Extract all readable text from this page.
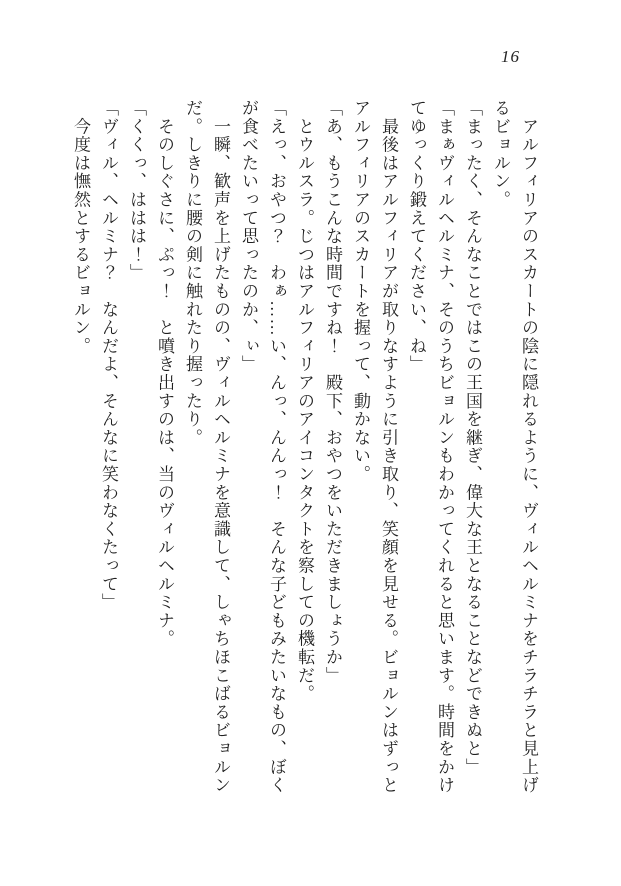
16

　アルフィリアのスカートの陰に隠れるように、ヴィルヘルミナをチラチラと見上げ

るビョルン。

「まったく、そんなことではこの王国を継ぎ、偉大な王となることなどできぬと」

「まぁヴィルヘルミナ、そのうちビョルンもわかってくれると思います。時間をかけ

てゆっくり鍛えてください、ね」

　最後はアルフィリアが取りなすように引き取り、笑顔を見せる。ビョルンはずっと

アルフィリアのスカートを握って、動かない。

「あ、もうこんな時間ですね！　殿下、おやつをいただきましょうか」

　とウルスラ。じつはアルフィリアのアイコンタクトを察しての機転だ。

「えっ、おやつ？　わぁ……い、んっ、んんっ！　そんな子どもみたいなもの、ぼく

が食べたいって思ったのか、ぃ」

　一瞬、歓声を上げたものの、ヴィルヘルミナを意識して、しゃちほこばるビョルン

だ。しきりに腰の剣に触れたり握ったり。

　そのしぐさに、ぷっ！　と噴き出すのは、当のヴィルヘルミナ。

「くくっ、ははは！」

「ヴィル、ヘルミナ？　なんだよ、そんなに笑わなくたって」

　今度は憮然とするビョルン。
